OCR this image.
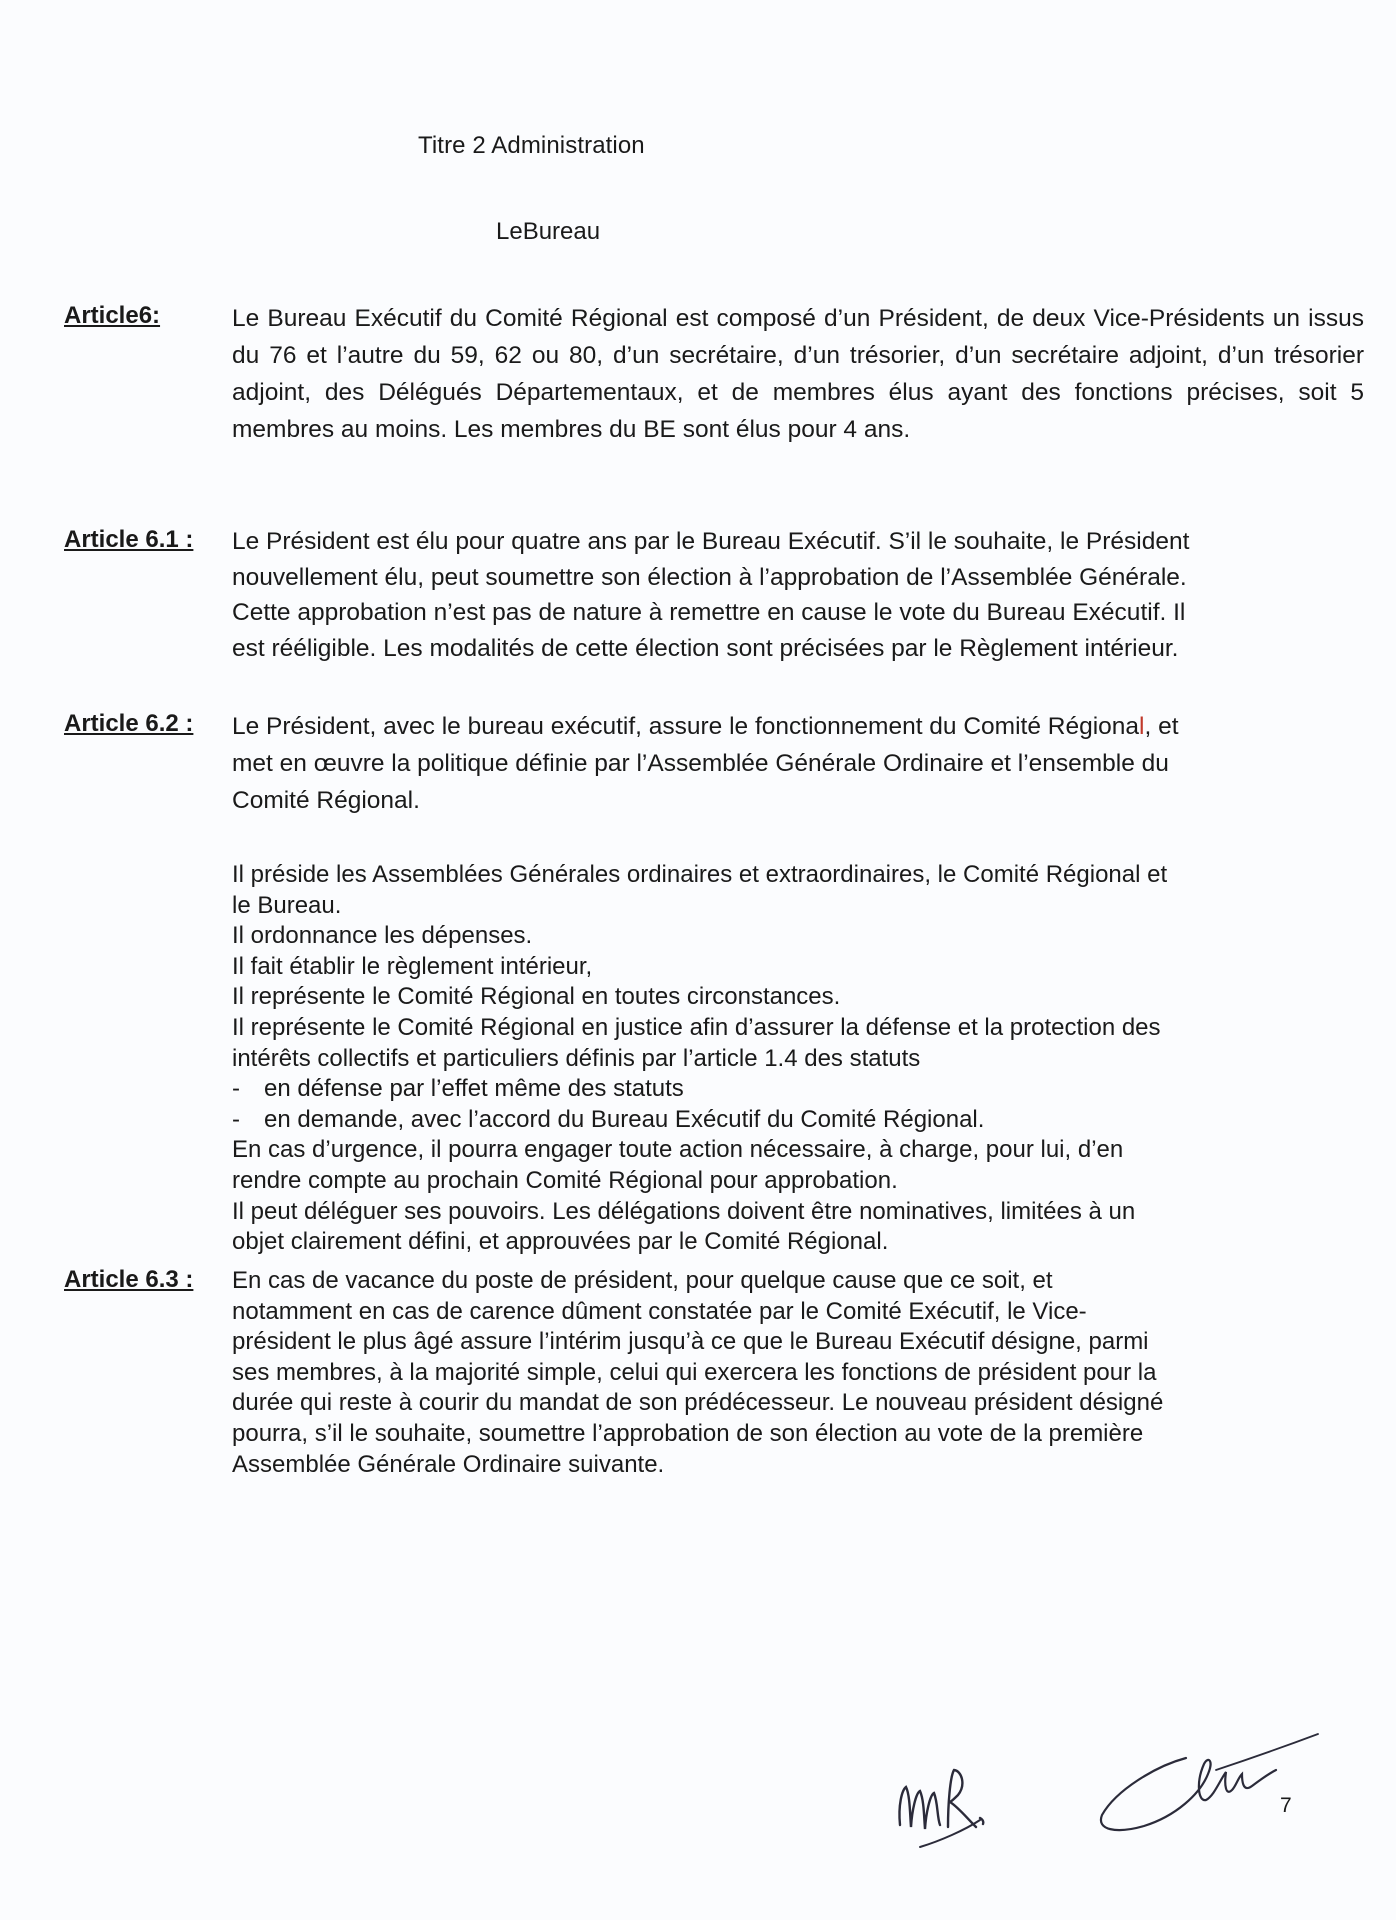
Titre 2 Administration
LeBureau
Article6:	Le Bureau Exécutif du Comité Régional est composé d’un Président, de deux Vice-Présidents un issus du 76 et l’autre du 59, 62 ou 80, d’un secrétaire, d’un trésorier, d’un secrétaire adjoint, d’un trésorier adjoint, des Délégués Départementaux, et de membres élus ayant des fonctions précises, soit 5 membres au moins. Les membres du BE sont élus pour 4 ans.
Article 6.1 : Le Président est élu pour quatre ans par le Bureau Exécutif. S’il le souhaite, le Président
nouvellement élu, peut soumettre son élection à l’approbation de l’Assemblée Générale.
Cette approbation n’est pas de nature à remettre en cause le vote du Bureau Exécutif. Il
est rééligible. Les modalités de cette élection sont précisées par le Règlement intérieur.
Article 6.2 : Le Président, avec le bureau exécutif, assure le fonctionnement du Comité Régional, et
met en œuvre la politique définie par l’Assemblée Générale Ordinaire et l’ensemble du
Comité Régional.

Il préside les Assemblées Générales ordinaires et extraordinaires, le Comité Régional et

le Bureau.

Il ordonnance les dépenses.

Il fait établir le règlement intérieur,

Il représente le Comité Régional en toutes circonstances.

Il représente le Comité Régional en justice afin d’assurer la défense et la protection des

intérêts collectifs et particuliers définis par l’article 1.4 des statuts

- en défense par l’effet même des statuts

- en demande, avec l’accord du Bureau Exécutif du Comité Régional.

En cas d’urgence, il pourra engager toute action nécessaire, à charge, pour lui, d’en

rendre compte au prochain Comité Régional pour approbation.

Il peut déléguer ses pouvoirs. Les délégations doivent être nominatives, limitées à un

objet clairement défini, et approuvées par le Comité Régional.

Article 6.3 : En cas de vacance du poste de président, pour quelque cause que ce soit, et
notamment en cas de carence dûment constatée par le Comité Exécutif, le Vice-
président le plus âgé assure l’intérim jusqu’à ce que le Bureau Exécutif désigne, parmi
ses membres, à la majorité simple, celui qui exercera les fonctions de président pour la
durée qui reste à courir du mandat de son prédécesseur. Le nouveau président désigné
pourra, s’il le souhaite, soumettre l’approbation de son élection au vote de la première
Assemblée Générale Ordinaire suivante.
7
